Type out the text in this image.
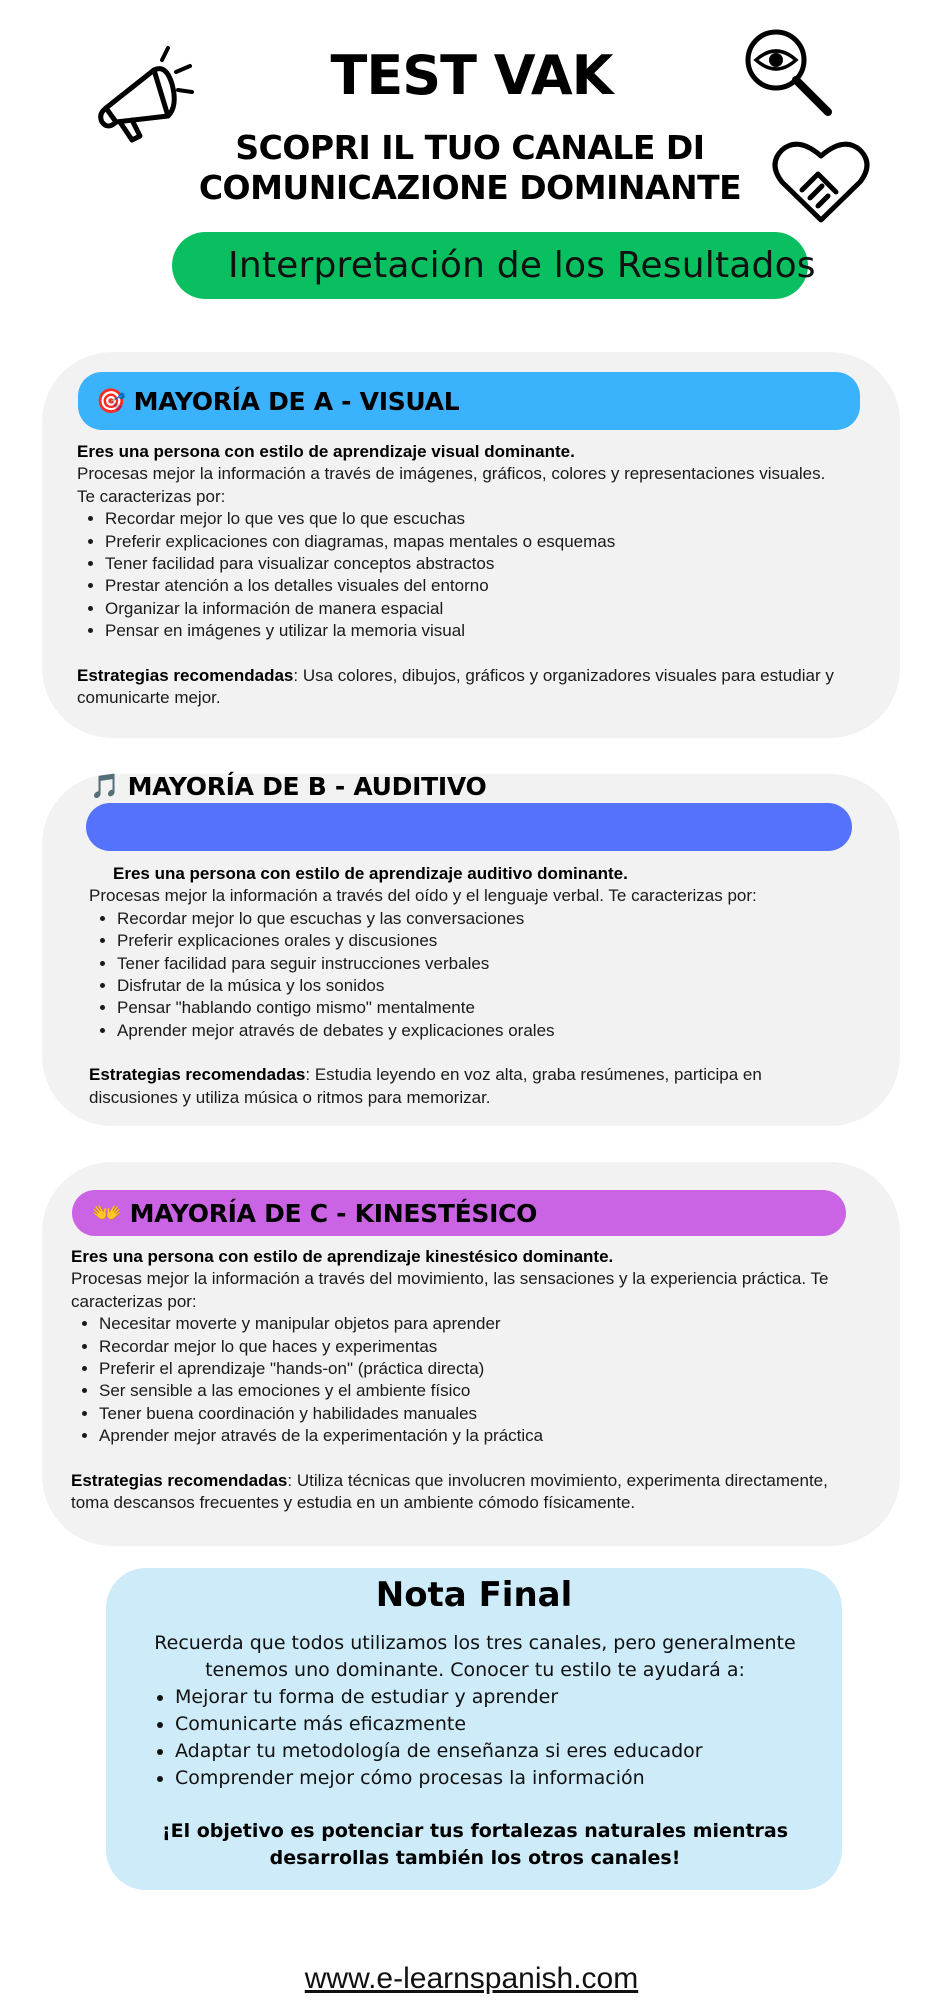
TEST VAK
SCOPRI IL TUO CANALE DI
COMUNICAZIONE DOMINANTE
Interpretación de los Resultados
🎯 MAYORÍA DE A - VISUAL
Eres una persona con estilo de aprendizaje visual dominante.
Procesas mejor la información a través de imágenes, gráficos, colores y representaciones visuales.       Te caracterizas por:
• Recordar mejor lo que ves que lo que escuchas
• Preferir explicaciones con diagramas, mapas mentales o esquemas
• Tener facilidad para visualizar conceptos abstractos
• Prestar atención a los detalles visuales del entorno
• Organizar la información de manera espacial
• Pensar en imágenes y utilizar la memoria visual
Estrategias recomendadas: Usa colores, dibujos, gráficos y organizadores visuales para estudiar y comunicarte mejor.
🎵 MAYORÍA DE B - AUDITIVO
Eres una persona con estilo de aprendizaje auditivo dominante.
Procesas mejor la información a través del oído y el lenguaje verbal. Te caracterizas por:
• Recordar mejor lo que escuchas y las conversaciones
• Preferir explicaciones orales y discusiones
• Tener facilidad para seguir instrucciones verbales
• Disfrutar de la música y los sonidos
• Pensar "hablando contigo mismo" mentalmente
• Aprender mejor através de debates y explicaciones orales
Estrategias recomendadas: Estudia leyendo en voz alta, graba resúmenes, participa en discusiones y utiliza música o ritmos para memorizar.
👐 MAYORÍA DE C - KINESTÉSICO
Eres una persona con estilo de aprendizaje kinestésico dominante.
Procesas mejor la información a través del movimiento, las sensaciones y la experiencia práctica. Te caracterizas por:
• Necesitar moverte y manipular objetos para aprender
• Recordar mejor lo que haces y experimentas
• Preferir el aprendizaje "hands-on" (práctica directa)
• Ser sensible a las emociones y el ambiente físico
• Tener buena coordinación y habilidades manuales
• Aprender mejor através de la experimentación y la práctica
Estrategias recomendadas: Utiliza técnicas que involucren movimiento, experimenta directamente, toma descansos frecuentes y estudia en un ambiente cómodo físicamente.
Nota Final

Recuerda que todos utilizamos los tres canales, pero generalmente tenemos uno dominante. Conocer tu estilo te ayudará a:

• Mejorar tu forma de estudiar y aprender
• Comunicarte más eficazmente
• Adaptar tu metodología de enseñanza si eres educador
• Comprender mejor cómo procesas la información
¡El objetivo es potenciar tus fortalezas naturales mientras desarrollas también los otros canales!
www.e-learnspanish.com
